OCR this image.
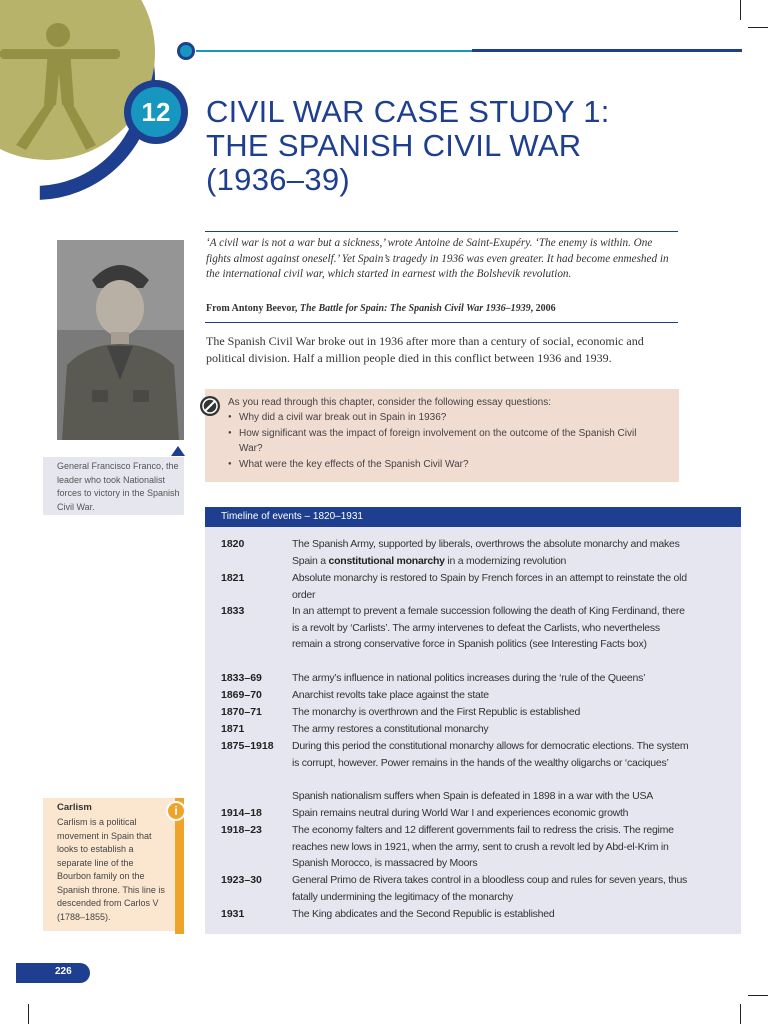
12	CIVIL WAR CASE STUDY 1:
THE SPANISH CIVIL WAR
(1936–39)
General Francisco Franco, the leader who took Nationalist forces to victory in the Spanish Civil War.
‘A civil war is not a war but a sickness,’ wrote Antoine de Saint-Exupéry. ‘The enemy is within. One fights almost against oneself.’ Yet Spain’s tragedy in 1936 was even greater. It had become enmeshed in the international civil war, which started in earnest with the Bolshevik revolution.
From Antony Beevor, The Battle for Spain: The Spanish Civil War 1936–1939, 2006
The Spanish Civil War broke out in 1936 after more than a century of social, economic and political division. Half a million people died in this conflict between 1936 and 1939.
As you read through this chapter, consider the following essay questions:
● Why did a civil war break out in Spain in 1936?
● How significant was the impact of foreign involvement on the outcome of the Spanish Civil War?
● What were the key effects of the Spanish Civil War?
Timeline of events – 1820–1931
1820	The Spanish Army, supported by liberals, overthrows the absolute monarchy and makes Spain a constitutional monarchy in a modernizing revolution
1821	Absolute monarchy is restored to Spain by French forces in an attempt to reinstate the old order
1833	In an attempt to prevent a female succession following the death of King Ferdinand, there is a revolt by ‘Carlists’. The army intervenes to defeat the Carlists, who nevertheless remain a strong conservative force in Spanish politics (see Interesting Facts box)
1833–69	The army’s influence in national politics increases during the ‘rule of the Queens’
1869–70	Anarchist revolts take place against the state
1870–71	The monarchy is overthrown and the First Republic is established
1871	The army restores a constitutional monarchy
1875–1918	During this period the constitutional monarchy allows for democratic elections. The system is corrupt, however. Power remains in the hands of the wealthy oligarchs or ‘caciques’
Spanish nationalism suffers when Spain is defeated in 1898 in a war with the USA
1914–18	Spain remains neutral during World War I and experiences economic growth
1918–23	The economy falters and 12 different governments fail to redress the crisis. The regime reaches new lows in 1921, when the army, sent to crush a revolt led by Abd-el-Krim in Spanish Morocco, is massacred by Moors
1923–30	General Primo de Rivera takes control in a bloodless coup and rules for seven years, thus fatally undermining the legitimacy of the monarchy
1931	The King abdicates and the Second Republic is established
i
Carlism
Carlism is a political movement in Spain that looks to establish a separate line of the Bourbon family on the Spanish throne. This line is descended from Carlos V (1788–1855).
226
